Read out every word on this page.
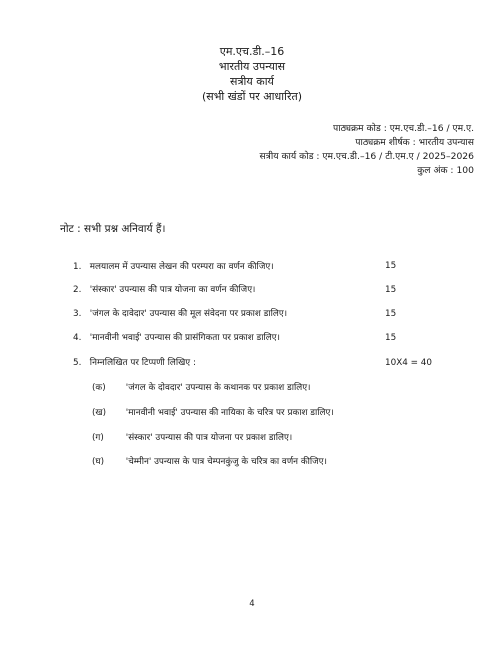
एम.एच.डी.–16
भारतीय उपन्यास
सत्रीय कार्य
(सभी खंडों पर आधारित)
पाठ्यक्रम कोड : एम.एच.डी.–16 / एम.ए.
पाठ्यक्रम शीर्षक : भारतीय उपन्यास
सत्रीय कार्य कोड : एम.एच.डी.–16 / टी.एम.ए / 2025–2026
कुल अंक : 100
नोट : सभी प्रश्न अनिवार्य हैं।
1. मलयालम में उपन्यास लेखन की परम्परा का वर्णन कीजिए।	15
2. 'संस्कार' उपन्यास की पात्र योजना का वर्णन कीजिए।	15
3. 'जंगल के दावेदार' उपन्यास की मूल संवेदना पर प्रकाश डालिए।	15
4. 'मानवीनी भवाई' उपन्यास की प्रासंगिकता पर प्रकाश डालिए।	15
5. निम्नलिखित पर टिप्पणी लिखिए :	10X4 = 40
(क) 'जंगल के दोवदार' उपन्यास के कथानक पर प्रकाश डालिए।
(ख) 'मानवीनी भवाई' उपन्यास की नायिका के चरित्र पर प्रकाश डालिए।
(ग) 'संस्कार' उपन्यास की पात्र योजना पर प्रकाश डालिए।
(घ) 'चेम्मीन' उपन्यास के पात्र चेम्पनकुंजु के चरित्र का वर्णन कीजिए।
4
